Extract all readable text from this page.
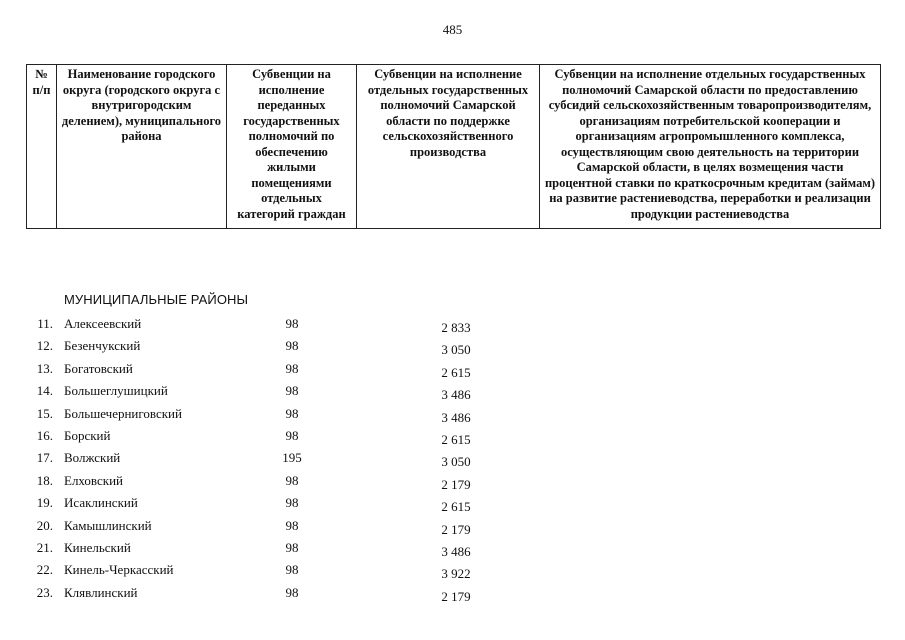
485
№ п/п	Наименование городского округа (городского округа с внутригородским делением), муниципального района	Субвенции на исполнение переданных государственных полномочий по обеспечению жилыми помещениями отдельных категорий граждан	Субвенции на исполнение отдельных государственных полномочий Самарской области по поддержке сельскохозяйственного производства	Субвенции на исполнение отдельных государственных полномочий Самарской области по предоставлению субсидий сельскохозяйственным товаропроизводителям, организациям потребительской кооперации и организациям агропромышленного комплекса, осуществляющим свою деятельность на территории Самарской области, в целях возмещения части процентной ставки по краткосрочным кредитам (займам) на развитие растениеводства, переработки и реализации продукции растениеводства
МУНИЦИПАЛЬНЫЕ РАЙОНЫ
11. Алексеевский	98	2 833
12. Безенчукский	98	3 050
13. Богатовский	98	2 615
14. Большеглушицкий	98	3 486
15. Большечерниговский	98	3 486
16. Борский	98	2 615
17. Волжский	195	3 050
18. Елховский	98	2 179
19. Исаклинский	98	2 615
20. Камышлинский	98	2 179
21. Кинельский	98	3 486
22. Кинель-Черкасский	98	3 922
23. Клявлинский	98	2 179
